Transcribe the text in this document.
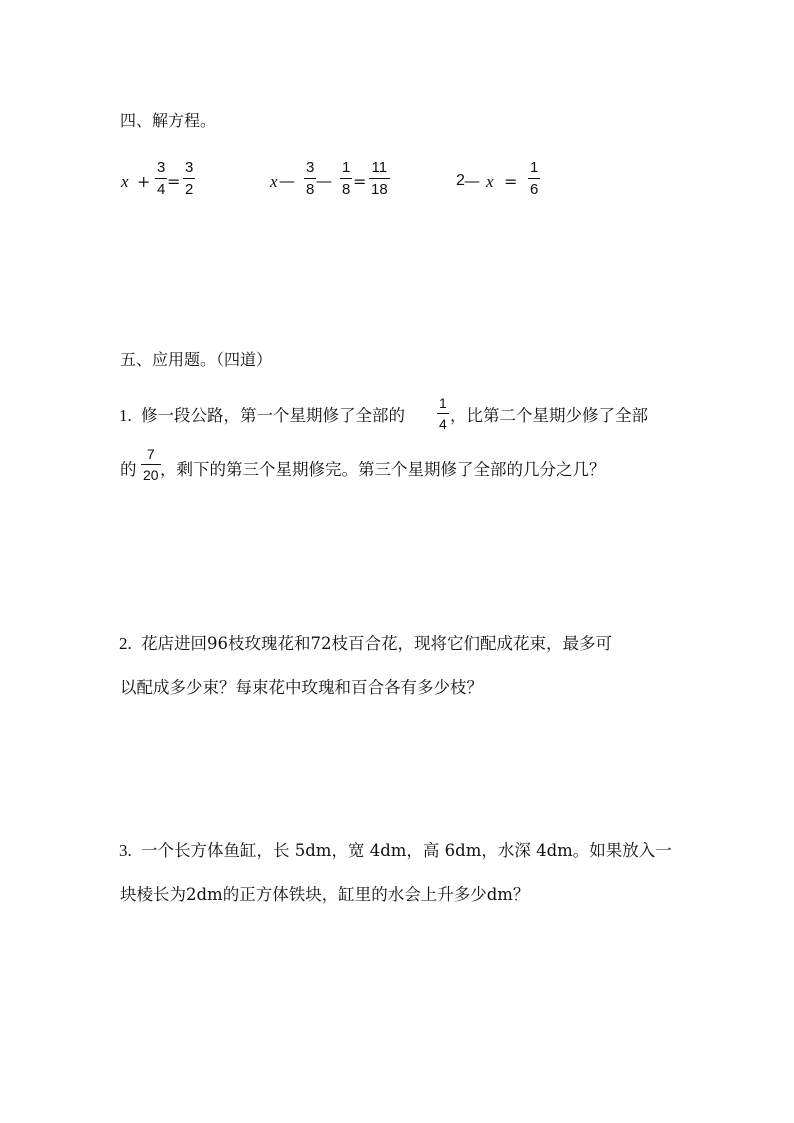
四、解方程。
x +
3
4 =
3
2	x —
3
8 —
1
8 =
11
18
2 — x =
1
6
五、应用题。（四道）
1. 修一段公路，第一个星期修了全部的
1
4 ，比第二个星期少修了全部
的
7
20 ，剩下的第三个星期修完。第三个星期修了全部的几分之几？
2. 花店进回96枝玫瑰花和72枝百合花，现将它们配成花束，最多可
以配成多少束？每束花中玫瑰和百合各有多少枝？
3. 一个长方体鱼缸，长 5dm，宽 4dm，高 6dm，水深 4dm。如果放入一
块棱长为2dm的正方体铁块，缸里的水会上升多少dm？
